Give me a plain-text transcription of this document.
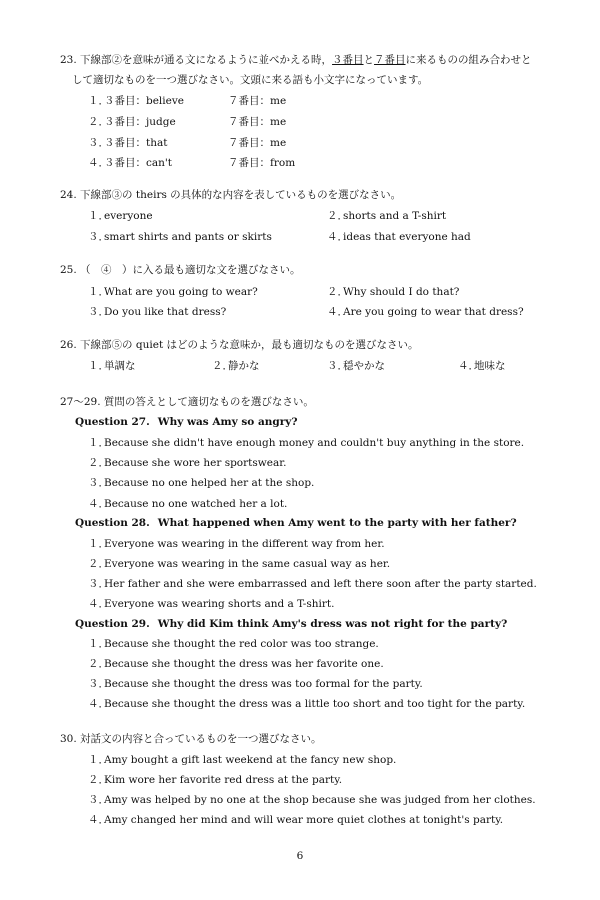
23. 下線部②を意味が通る文になるように並べかえる時，３番目と７番目に来るものの組み合わせと
して適切なものを一つ選びなさい。文頭に来る語も小文字になっています。
１．３番目：believe	７番目：me
２．３番目：judge	７番目：me
３．３番目：that	７番目：me
４．３番目：can't	７番目：from
24. 下線部③の theirs の具体的な内容を表しているものを選びなさい。
１．everyone	２．shorts and a T-shirt
３．smart shirts and pants or skirts	４．ideas that everyone had
25. （　④　）に入る最も適切な文を選びなさい。
１．What are you going to wear?	２．Why should I do that?
３．Do you like that dress?	４．Are you going to wear that dress?
26. 下線部⑤の quiet はどのような意味か，最も適切なものを選びなさい。
１．単調な	２．静かな	３．穏やかな	４．地味な
27～29. 質問の答えとして適切なものを選びなさい。
Question 27. Why was Amy so angry?
１．Because she didn't have enough money and couldn't buy anything in the store.
２．Because she wore her sportswear.
３．Because no one helped her at the shop.
４．Because no one watched her a lot.
Question 28. What happened when Amy went to the party with her father?
１．Everyone was wearing in the different way from her.
２．Everyone was wearing in the same casual way as her.
３．Her father and she were embarrassed and left there soon after the party started.
４．Everyone was wearing shorts and a T-shirt.
Question 29. Why did Kim think Amy's dress was not right for the party?
１．Because she thought the red color was too strange.
２．Because she thought the dress was her favorite one.
３．Because she thought the dress was too formal for the party.
４．Because she thought the dress was a little too short and too tight for the party.
30. 対話文の内容と合っているものを一つ選びなさい。
１．Amy bought a gift last weekend at the fancy new shop.
２．Kim wore her favorite red dress at the party.
３．Amy was helped by no one at the shop because she was judged from her clothes.
４．Amy changed her mind and will wear more quiet clothes at tonight's party.
6
